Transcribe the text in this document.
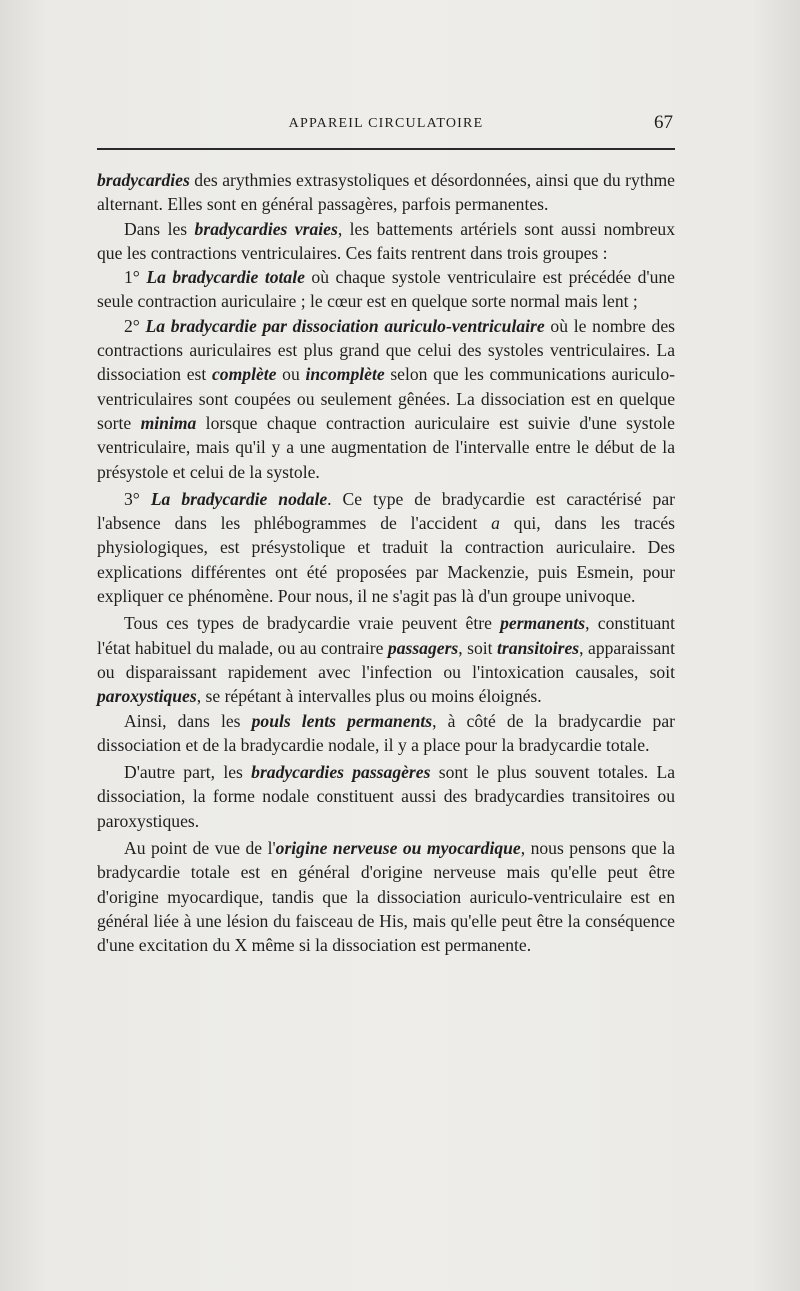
APPAREIL CIRCULATOIRE	67

bradycardies des arythmies extrasystoliques et désordonnées, ainsi que du rythme alternant. Elles sont en général passagères, parfois permanentes.

Dans les bradycardies vraies, les battements artériels sont aussi nombreux que les contractions ventriculaires. Ces faits rentrent dans trois groupes :

1° La bradycardie totale où chaque systole ventriculaire est précédée d'une seule contraction auriculaire ; le cœur est en quelque sorte normal mais lent ;

2° La bradycardie par dissociation auriculo-ventriculaire où le nombre des contractions auriculaires est plus grand que celui des systoles ventriculaires. La dissociation est complète ou incomplète selon que les communications auriculo-ventriculaires sont coupées ou seulement gênées. La dissociation est en quelque sorte minima lorsque chaque contraction auriculaire est suivie d'une systole ventriculaire, mais qu'il y a une augmentation de l'intervalle entre le début de la présystole et celui de la systole.

3° La bradycardie nodale. Ce type de bradycardie est caractérisé par l'absence dans les phlébogrammes de l'accident a qui, dans les tracés physiologiques, est présystolique et traduit la contraction auriculaire. Des explications différentes ont été proposées par Mackenzie, puis Esmein, pour expliquer ce phénomène. Pour nous, il ne s'agit pas là d'un groupe univoque.

Tous ces types de bradycardie vraie peuvent être permanents, constituant l'état habituel du malade, ou au contraire passagers, soit transitoires, apparaissant ou disparaissant rapidement avec l'infection ou l'intoxication causales, soit paroxystiques, se répétant à intervalles plus ou moins éloignés.

Ainsi, dans les pouls lents permanents, à côté de la bradycardie par dissociation et de la bradycardie nodale, il y a place pour la bradycardie totale.

D'autre part, les bradycardies passagères sont le plus souvent totales. La dissociation, la forme nodale constituent aussi des bradycardies transitoires ou paroxystiques.

Au point de vue de l'origine nerveuse ou myocardique, nous pensons que la bradycardie totale est en général d'origine nerveuse mais qu'elle peut être d'origine myocardique, tandis que la dissociation auriculo-ventriculaire est en général liée à une lésion du faisceau de His, mais qu'elle peut être la conséquence d'une excitation du X même si la dissociation est permanente.
